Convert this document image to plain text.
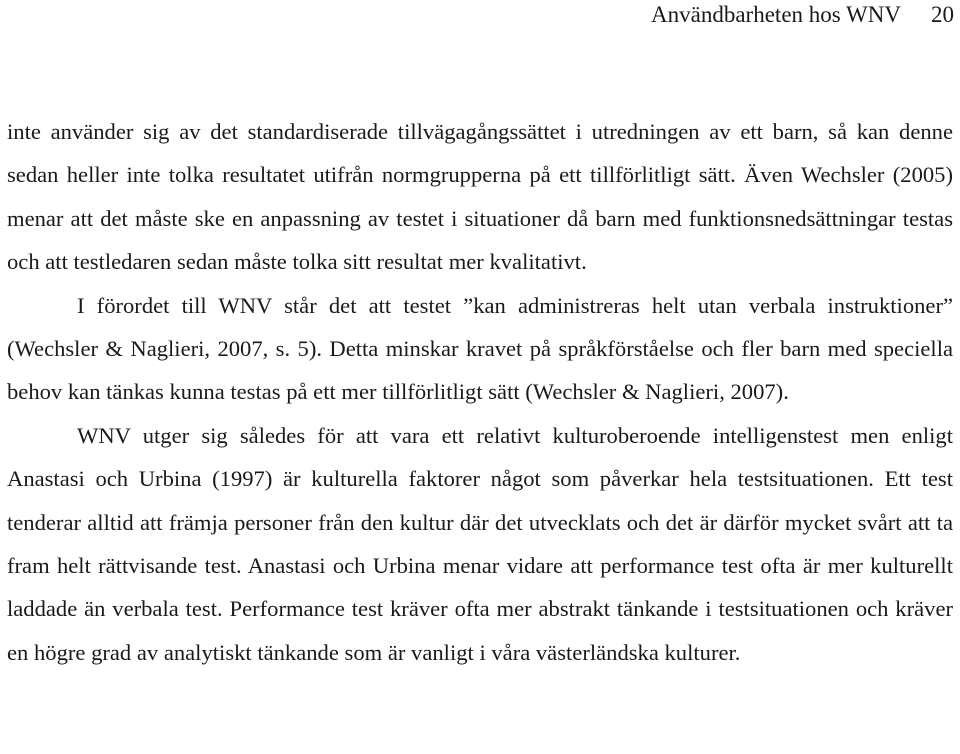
Användbarheten hos WNV 20

inte använder sig av det standardiserade tillvägagångssättet i utredningen av ett barn, så kan denne sedan heller inte tolka resultatet utifrån normgrupperna på ett tillförlitligt sätt. Även Wechsler (2005) menar att det måste ske en anpassning av testet i situationer då barn med funktionsnedsättningar testas och att testledaren sedan måste tolka sitt resultat mer kvalitativt.

I förordet till WNV står det att testet ”kan administreras helt utan verbala instruktioner” (Wechsler & Naglieri, 2007, s. 5). Detta minskar kravet på språkförståelse och fler barn med speciella behov kan tänkas kunna testas på ett mer tillförlitligt sätt (Wechsler & Naglieri, 2007).

WNV utger sig således för att vara ett relativt kulturoberoende intelligenstest men enligt Anastasi och Urbina (1997) är kulturella faktorer något som påverkar hela testsituationen. Ett test tenderar alltid att främja personer från den kultur där det utvecklats och det är därför mycket svårt att ta fram helt rättvisande test. Anastasi och Urbina menar vidare att performance test ofta är mer kulturellt laddade än verbala test. Performance test kräver ofta mer abstrakt tänkande i testsituationen och kräver en högre grad av analytiskt tänkande som är vanligt i våra västerländska kulturer.
